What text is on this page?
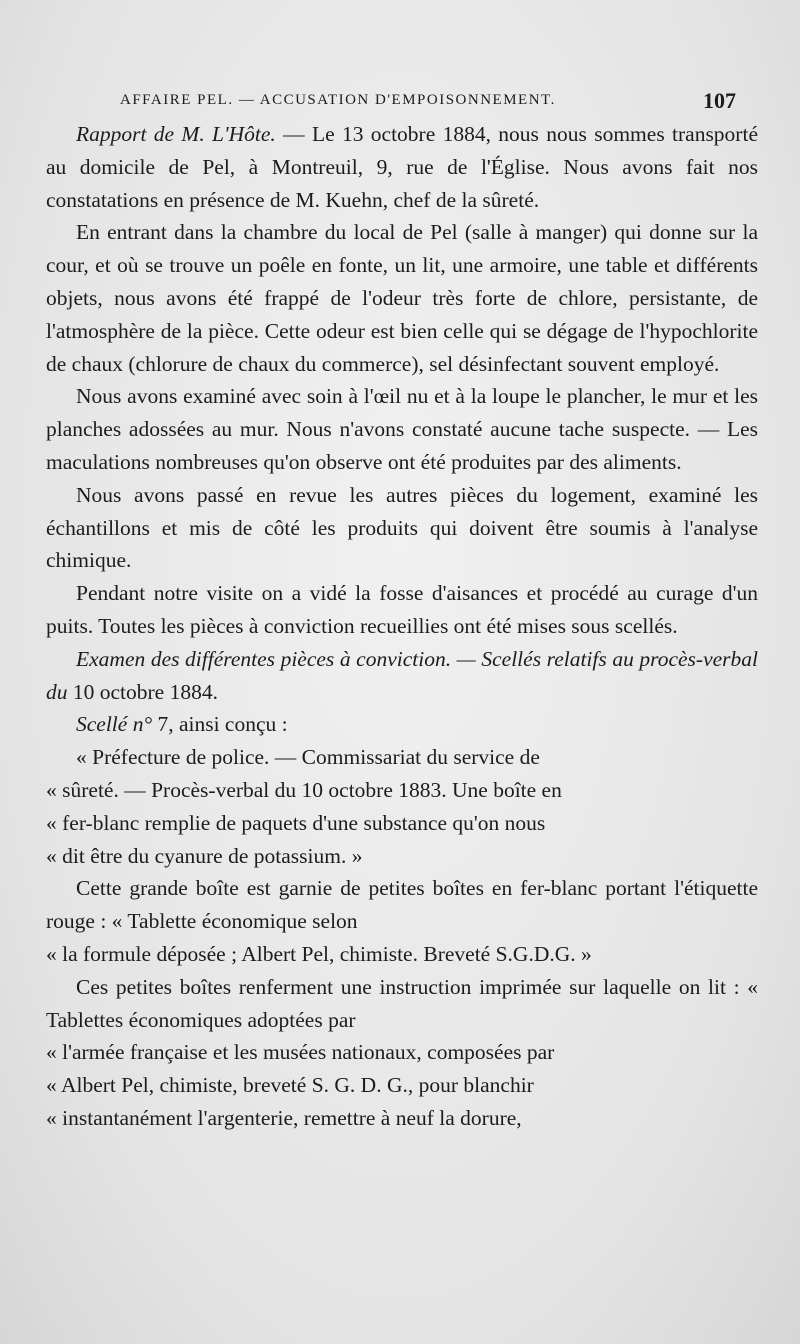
AFFAIRE PEL. — ACCUSATION D'EMPOISONNEMENT.	107

Rapport de M. L'Hôte. — Le 13 octobre 1884, nous nous sommes transporté au domicile de Pel, à Montreuil, 9, rue de l'Église. Nous avons fait nos constatations en présence de M. Kuehn, chef de la sûreté.

En entrant dans la chambre du local de Pel (salle à manger) qui donne sur la cour, et où se trouve un poêle en fonte, un lit, une armoire, une table et différents objets, nous avons été frappé de l'odeur très forte de chlore, persistante, de l'atmosphère de la pièce. Cette odeur est bien celle qui se dégage de l'hypochlorite de chaux (chlorure de chaux du commerce), sel désinfectant souvent employé.

Nous avons examiné avec soin à l'œil nu et à la loupe le plancher, le mur et les planches adossées au mur. Nous n'avons constaté aucune tache suspecte. — Les maculations nombreuses qu'on observe ont été produites par des aliments.

Nous avons passé en revue les autres pièces du logement, examiné les échantillons et mis de côté les produits qui doivent être soumis à l'analyse chimique.

Pendant notre visite on a vidé la fosse d'aisances et procédé au curage d'un puits. Toutes les pièces à conviction recueillies ont été mises sous scellés.

Examen des différentes pièces à conviction. — Scellés relatifs au procès-verbal du 10 octobre 1884.

Scellé n° 7, ainsi conçu :

« Préfecture de police. — Commissariat du service de

« sûreté. — Procès-verbal du 10 octobre 1883. Une boîte en

« fer-blanc remplie de paquets d'une substance qu'on nous

« dit être du cyanure de potassium. »

Cette grande boîte est garnie de petites boîtes en fer-blanc portant l'étiquette rouge : « Tablette économique selon

« la formule déposée ; Albert Pel, chimiste. Breveté S.G.D.G. »

Ces petites boîtes renferment une instruction imprimée sur laquelle on lit : « Tablettes économiques adoptées par

« l'armée française et les musées nationaux, composées par

« Albert Pel, chimiste, breveté S. G. D. G., pour blanchir

« instantanément l'argenterie, remettre à neuf la dorure,
